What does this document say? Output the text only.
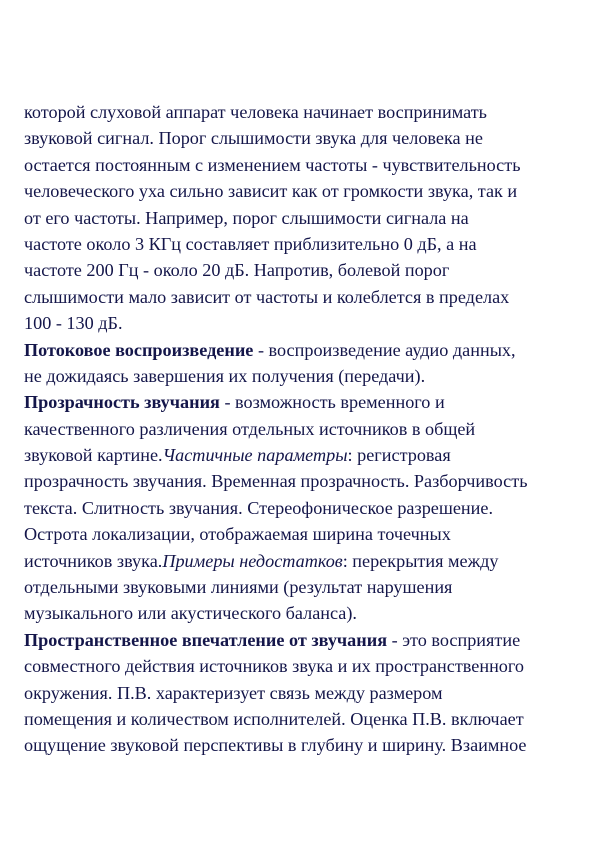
которой слуховой аппарат человека начинает воспринимать
звуковой сигнал. Порог слышимости звука для человека не
остается постоянным с изменением частоты - чувствительность
человеческого уха сильно зависит как от громкости звука, так и
от его частоты. Например, порог слышимости сигнала на
частоте около 3 КГц составляет приблизительно 0 дБ, а на
частоте 200 Гц - около 20 дБ. Напротив, болевой порог
слышимости мало зависит от частоты и колеблется в пределах
100 - 130 дБ.
Потоковое воспроизведение - воспроизведение аудио данных,
не дожидаясь завершения их получения (передачи).
Прозрачность звучания - возможность временного и
качественного различения отдельных источников в общей
звуковой картине.Частичные параметры: регистровая
прозрачность звучания. Временная прозрачность. Разборчивость
текста. Слитность звучания. Стереофоническое разрешение.
Острота локализации, отображаемая ширина точечных
источников звука.Примеры недостатков: перекрытия между
отдельными звуковыми линиями (результат нарушения
музыкального или акустического баланса).
Пространственное впечатление от звучания - это восприятие
совместного действия источников звука и их пространственного
окружения. П.В. характеризует связь между размером
помещения и количеством исполнителей. Оценка П.В. включает
ощущение звуковой перспективы в глубину и ширину. Взаимное
